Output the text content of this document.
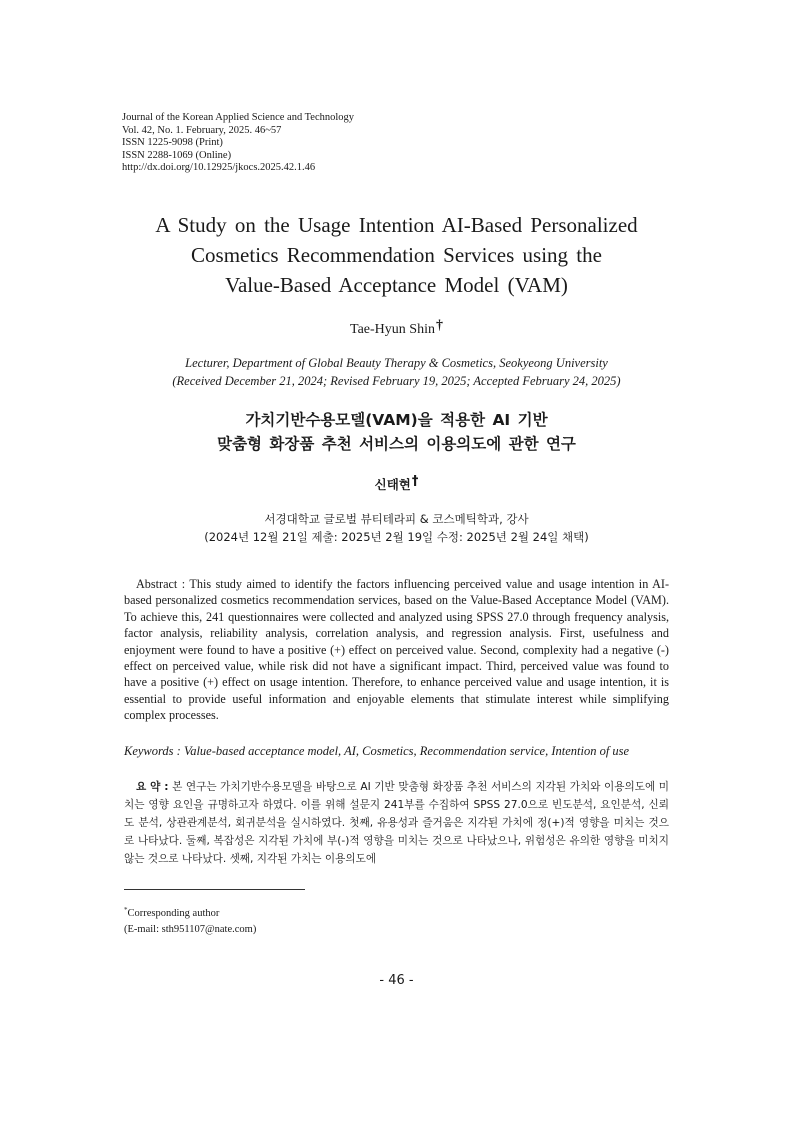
Journal of the Korean Applied Science and Technology
Vol. 42, No. 1. February, 2025. 46~57
ISSN 1225-9098 (Print)
ISSN 2288-1069 (Online)
http://dx.doi.org/10.12925/jkocs.2025.42.1.46
A Study on the Usage Intention AI-Based Personalized
Cosmetics Recommendation Services using the
Value-Based Acceptance Model (VAM)
Tae-Hyun Shin†
Lecturer, Department of Global Beauty Therapy & Cosmetics, Seokyeong University
(Received December 21, 2024; Revised February 19, 2025; Accepted February 24, 2025)
가치기반수용모델(VAM)을 적용한 AI 기반
맞춤형 화장품 추천 서비스의 이용의도에 관한 연구
신태현†
서경대학교 글로벌 뷰티테라피 & 코스메틱학과, 강사
(2024년 12월 21일 제출: 2025년 2월 19일 수정: 2025년 2월 24일 채택)
Abstract : This study aimed to identify the factors influencing perceived value and usage intention in AI-based personalized cosmetics recommendation services, based on the Value-Based Acceptance Model (VAM). To achieve this, 241 questionnaires were collected and analyzed using SPSS 27.0 through frequency analysis, factor analysis, reliability analysis, correlation analysis, and regression analysis. First, usefulness and enjoyment were found to have a positive (+) effect on perceived value. Second, complexity had a negative (-) effect on perceived value, while risk did not have a significant impact. Third, perceived value was found to have a positive (+) effect on usage intention. Therefore, to enhance perceived value and usage intention, it is essential to provide useful information and enjoyable elements that stimulate interest while simplifying complex processes.
Keywords : Value-based acceptance model, AI, Cosmetics, Recommendation service, Intention of use
요 약 : 본 연구는 가치기반수용모델을 바탕으로 AI 기반 맞춤형 화장품 추천 서비스의 지각된 가치와 이용의도에 미치는 영향 요인을 규명하고자 하였다. 이를 위해 설문지 241부를 수집하여 SPSS 27.0으로 빈도분석, 요인분석, 신뢰도 분석, 상관관계분석, 회귀분석을 실시하였다. 첫째, 유용성과 즐거움은 지각된 가치에 정(+)적 영향을 미치는 것으로 나타났다. 둘째, 복잡성은 지각된 가치에 부(-)적 영향을 미치는 것으로 나타났으나, 위험성은 유의한 영향을 미치지 않는 것으로 나타났다. 셋째, 지각된 가치는 이용의도에
*Corresponding author
(E-mail: sth951107@nate.com)
- 46 -
